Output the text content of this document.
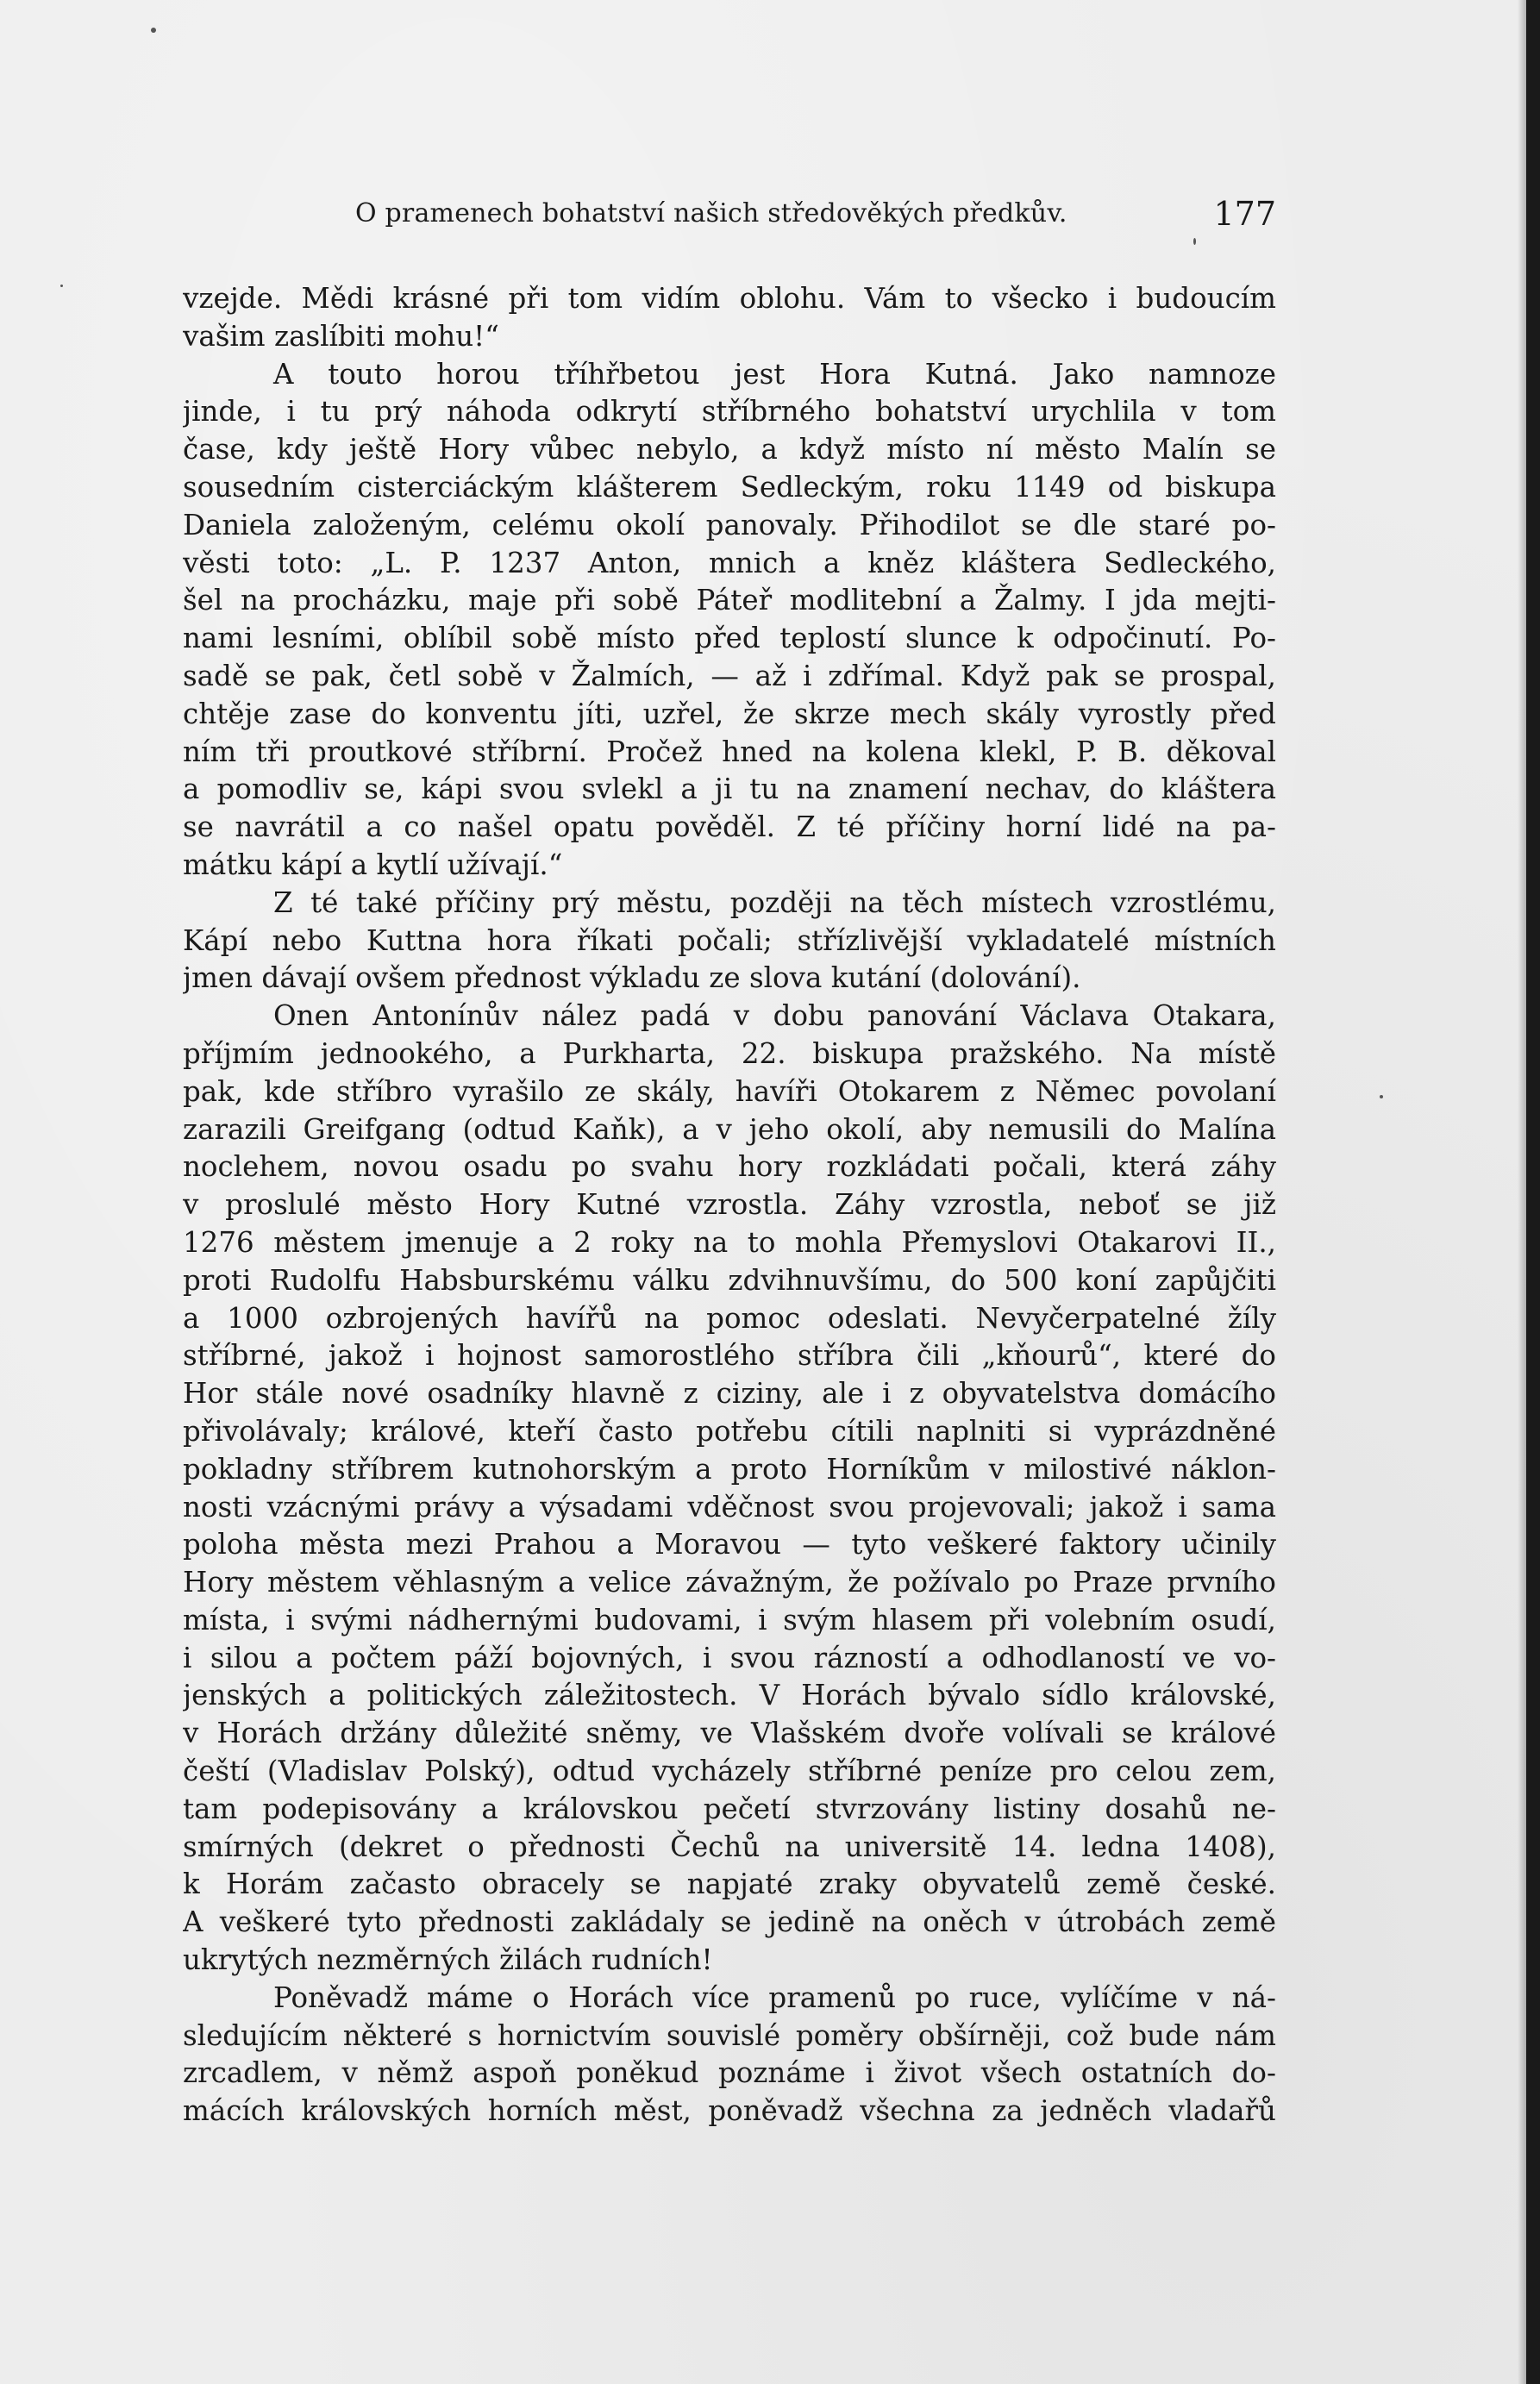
O pramenech bohatství našich středověkých předkův.	177
vzejde. Mědi krásné při tom vidím oblohu. Vám to všecko i budoucím
vašim zaslíbiti mohu!“
A touto horou tříhřbetou jest Hora Kutná. Jako namnoze
jinde, i tu prý náhoda odkrytí stříbrného bohatství urychlila v tom
čase, kdy ještě Hory vůbec nebylo, a když místo ní město Malín se
sousedním cisterciáckým klášterem Sedleckým, roku 1149 od biskupa
Daniela založeným, celému okolí panovaly. Přihodilot se dle staré po-
věsti toto: „L. P. 1237 Anton, mnich a kněz kláštera Sedleckého,
šel na procházku, maje při sobě Páteř modlitební a Žalmy. I jda mejti-
nami lesními, oblíbil sobě místo před teplostí slunce k odpočinutí. Po-
sadě se pak, četl sobě v Žalmích, — až i zdřímal. Když pak se prospal,
chtěje zase do konventu jíti, uzřel, že skrze mech skály vyrostly před
ním tři proutkové stříbrní. Pročež hned na kolena klekl, P. B. děkoval
a pomodliv se, kápi svou svlekl a ji tu na znamení nechav, do kláštera
se navrátil a co našel opatu pověděl. Z té příčiny horní lidé na pa-
mátku kápí a kytlí užívají.“
Z té také příčiny prý městu, později na těch místech vzrostlému,
Kápí nebo Kuttna hora říkati počali; střízlivější vykladatelé místních
jmen dávají ovšem přednost výkladu ze slova kutání (dolování).
Onen Antonínův nález padá v dobu panování Václava Otakara,
příjmím jednookého, a Purkharta, 22. biskupa pražského. Na místě
pak, kde stříbro vyrašilo ze skály, havíři Otokarem z Němec povolaní
zarazili Greifgang (odtud Kaňk), a v jeho okolí, aby nemusili do Malína
noclehem, novou osadu po svahu hory rozkládati počali, která záhy
v proslulé město Hory Kutné vzrostla. Záhy vzrostla, neboť se již
1276 městem jmenuje a 2 roky na to mohla Přemyslovi Otakarovi II.,
proti Rudolfu Habsburskému válku zdvihnuvšímu, do 500 koní zapůjčiti
a 1000 ozbrojených havířů na pomoc odeslati. Nevyčerpatelné žíly
stříbrné, jakož i hojnost samorostlého stříbra čili „kňourů“, které do
Hor stále nové osadníky hlavně z ciziny, ale i z obyvatelstva domácího
přivolávaly; králové, kteří často potřebu cítili naplniti si vyprázdněné
pokladny stříbrem kutnohorským a proto Horníkům v milostivé náklon-
nosti vzácnými právy a výsadami vděčnost svou projevovali; jakož i sama
poloha města mezi Prahou a Moravou — tyto veškeré faktory učinily
Hory městem věhlasným a velice závažným, že požívalo po Praze prvního
místa, i svými nádhernými budovami, i svým hlasem při volebním osudí,
i silou a počtem páží bojovných, i svou rázností a odhodlaností ve vo-
jenských a politických záležitostech. V Horách bývalo sídlo královské,
v Horách držány důležité sněmy, ve Vlašském dvoře volívali se králové
čeští (Vladislav Polský), odtud vycházely stříbrné peníze pro celou zem,
tam podepisovány a královskou pečetí stvrzovány listiny dosahů ne-
smírných (dekret o přednosti Čechů na universitě 14. ledna 1408),
k Horám začasto obracely se napjaté zraky obyvatelů země české.
A veškeré tyto přednosti zakládaly se jedině na oněch v útrobách země
ukrytých nezměrných žilách rudních!
Poněvadž máme o Horách více pramenů po ruce, vylíčíme v ná-
sledujícím některé s hornictvím souvislé poměry obšírněji, což bude nám
zrcadlem, v němž aspoň poněkud poznáme i život všech ostatních do-
mácích královských horních měst, poněvadž všechna za jedněch vladařů
